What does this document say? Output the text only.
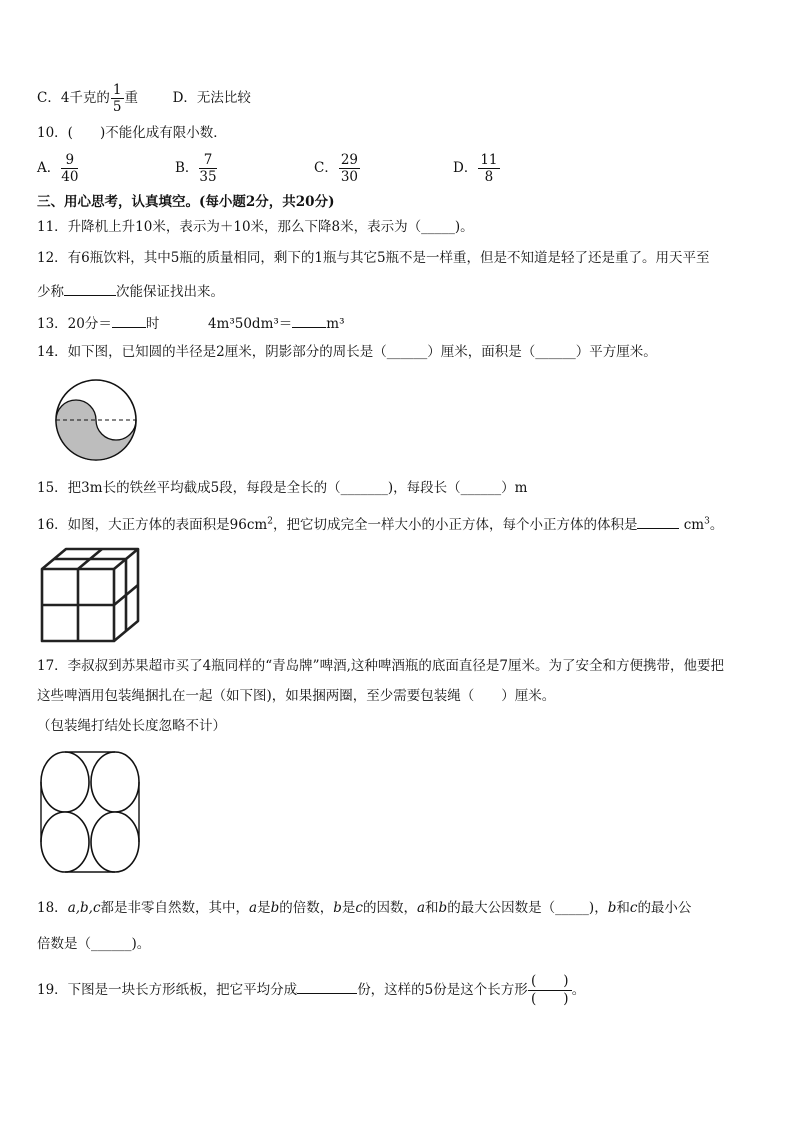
C．4千克的 $\frac{1}{5}$ 重	D．无法比较
10．(　　)不能化成有限小数．
A． $\frac{9}{40}$	B． $\frac{7}{35}$	C． $\frac{29}{30}$	D． $\frac{11}{8}$
三、用心思考，认真填空。(每小题2分，共20分)
11．升降机上升10米，表示为＋10米，那么下降8米，表示为（_____)。
12．有6瓶饮料，其中5瓶的质量相同，剩下的1瓶与其它5瓶不是一样重，但是不知道是轻了还是重了。用天平至
少称	次能保证找出来。
13．20分＝	时	4m³50dm³＝	m³
14．如下图，已知圆的半径是2厘米，阴影部分的周长是（______）厘米，面积是（______）平方厘米。
15．把3m长的铁丝平均截成5段，每段是全长的（_______)，每段长（______）m
16．如图，大正方体的表面积是$96cm^2$，把它切成完全一样大小的小正方体，每个小正方体的体积是	$cm^3$。
17．李叔叔到苏果超市买了4瓶同样的“青岛牌”啤酒,这种啤酒瓶的底面直径是7厘米。为了安全和方便携带，他要把
这些啤酒用包装绳捆扎在一起（如下图)，如果捆两圈，至少需要包装绳（　　）厘米。
（包装绳打结处长度忽略不计）
18．a,b,c都是非零自然数，其中，a是b的倍数，b是c的因数，a和b的最大公因数是（_____)，b和c的最小公
倍数是（______)。
19．下图是一块长方形纸板，把它平均分成	份，这样的5份是这个长方形
(　　)
(　　)
。
